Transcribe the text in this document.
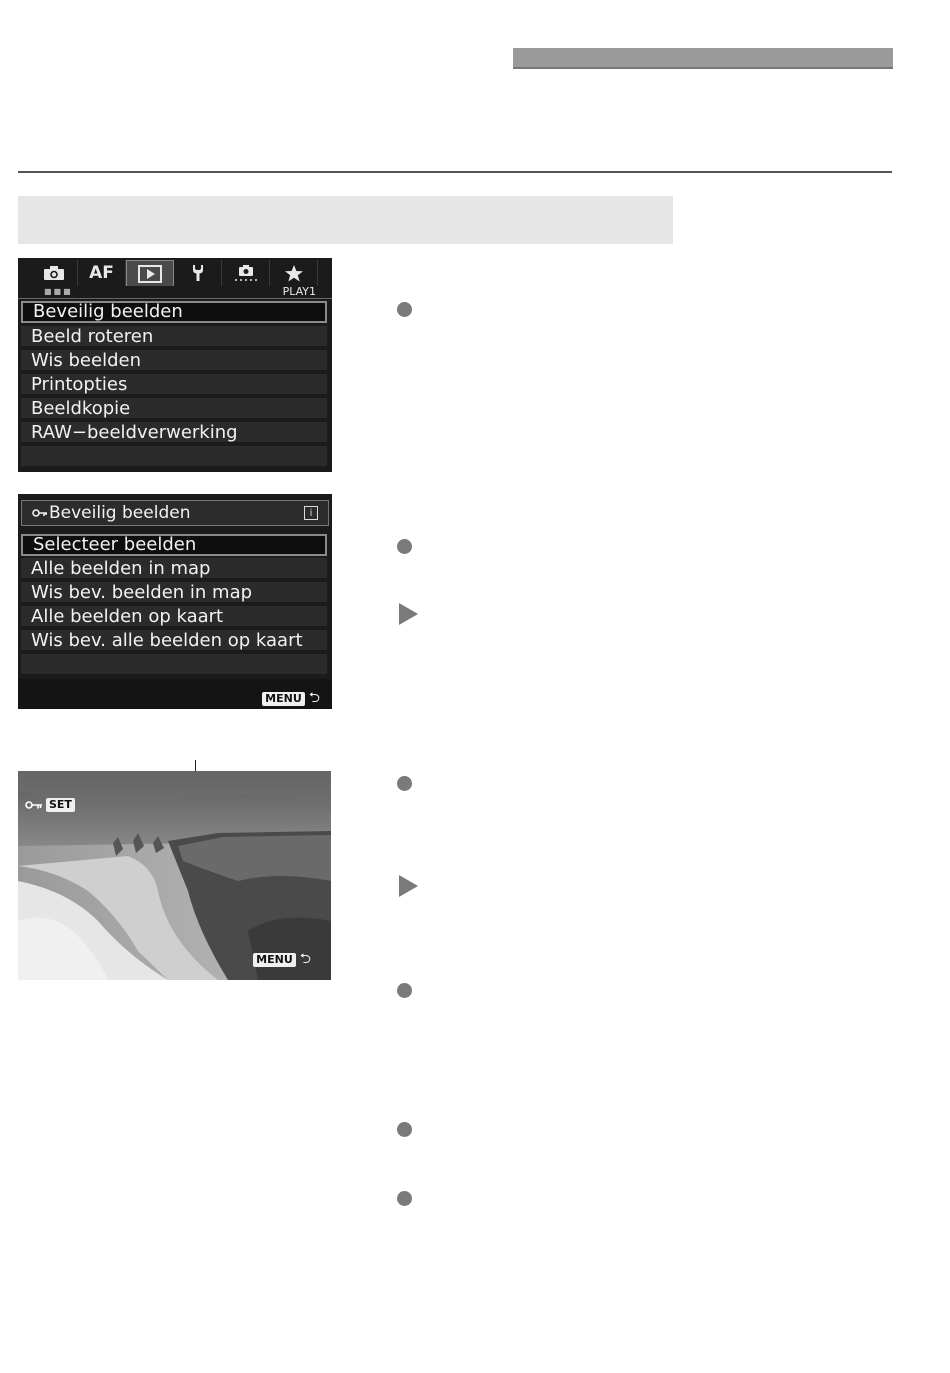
AF
■■■	PLAY1
Beveilig beelden
Beeld roteren
Wis beelden
Printopties
Beeldkopie
RAW−beeldverwerking
Beveilig beelden	i
Selecteer beelden
Alle beelden in map
Wis bev. beelden in map
Alle beelden op kaart
Wis bev. alle beelden op kaart
MENU ⮌
SET
MENU ⮌
